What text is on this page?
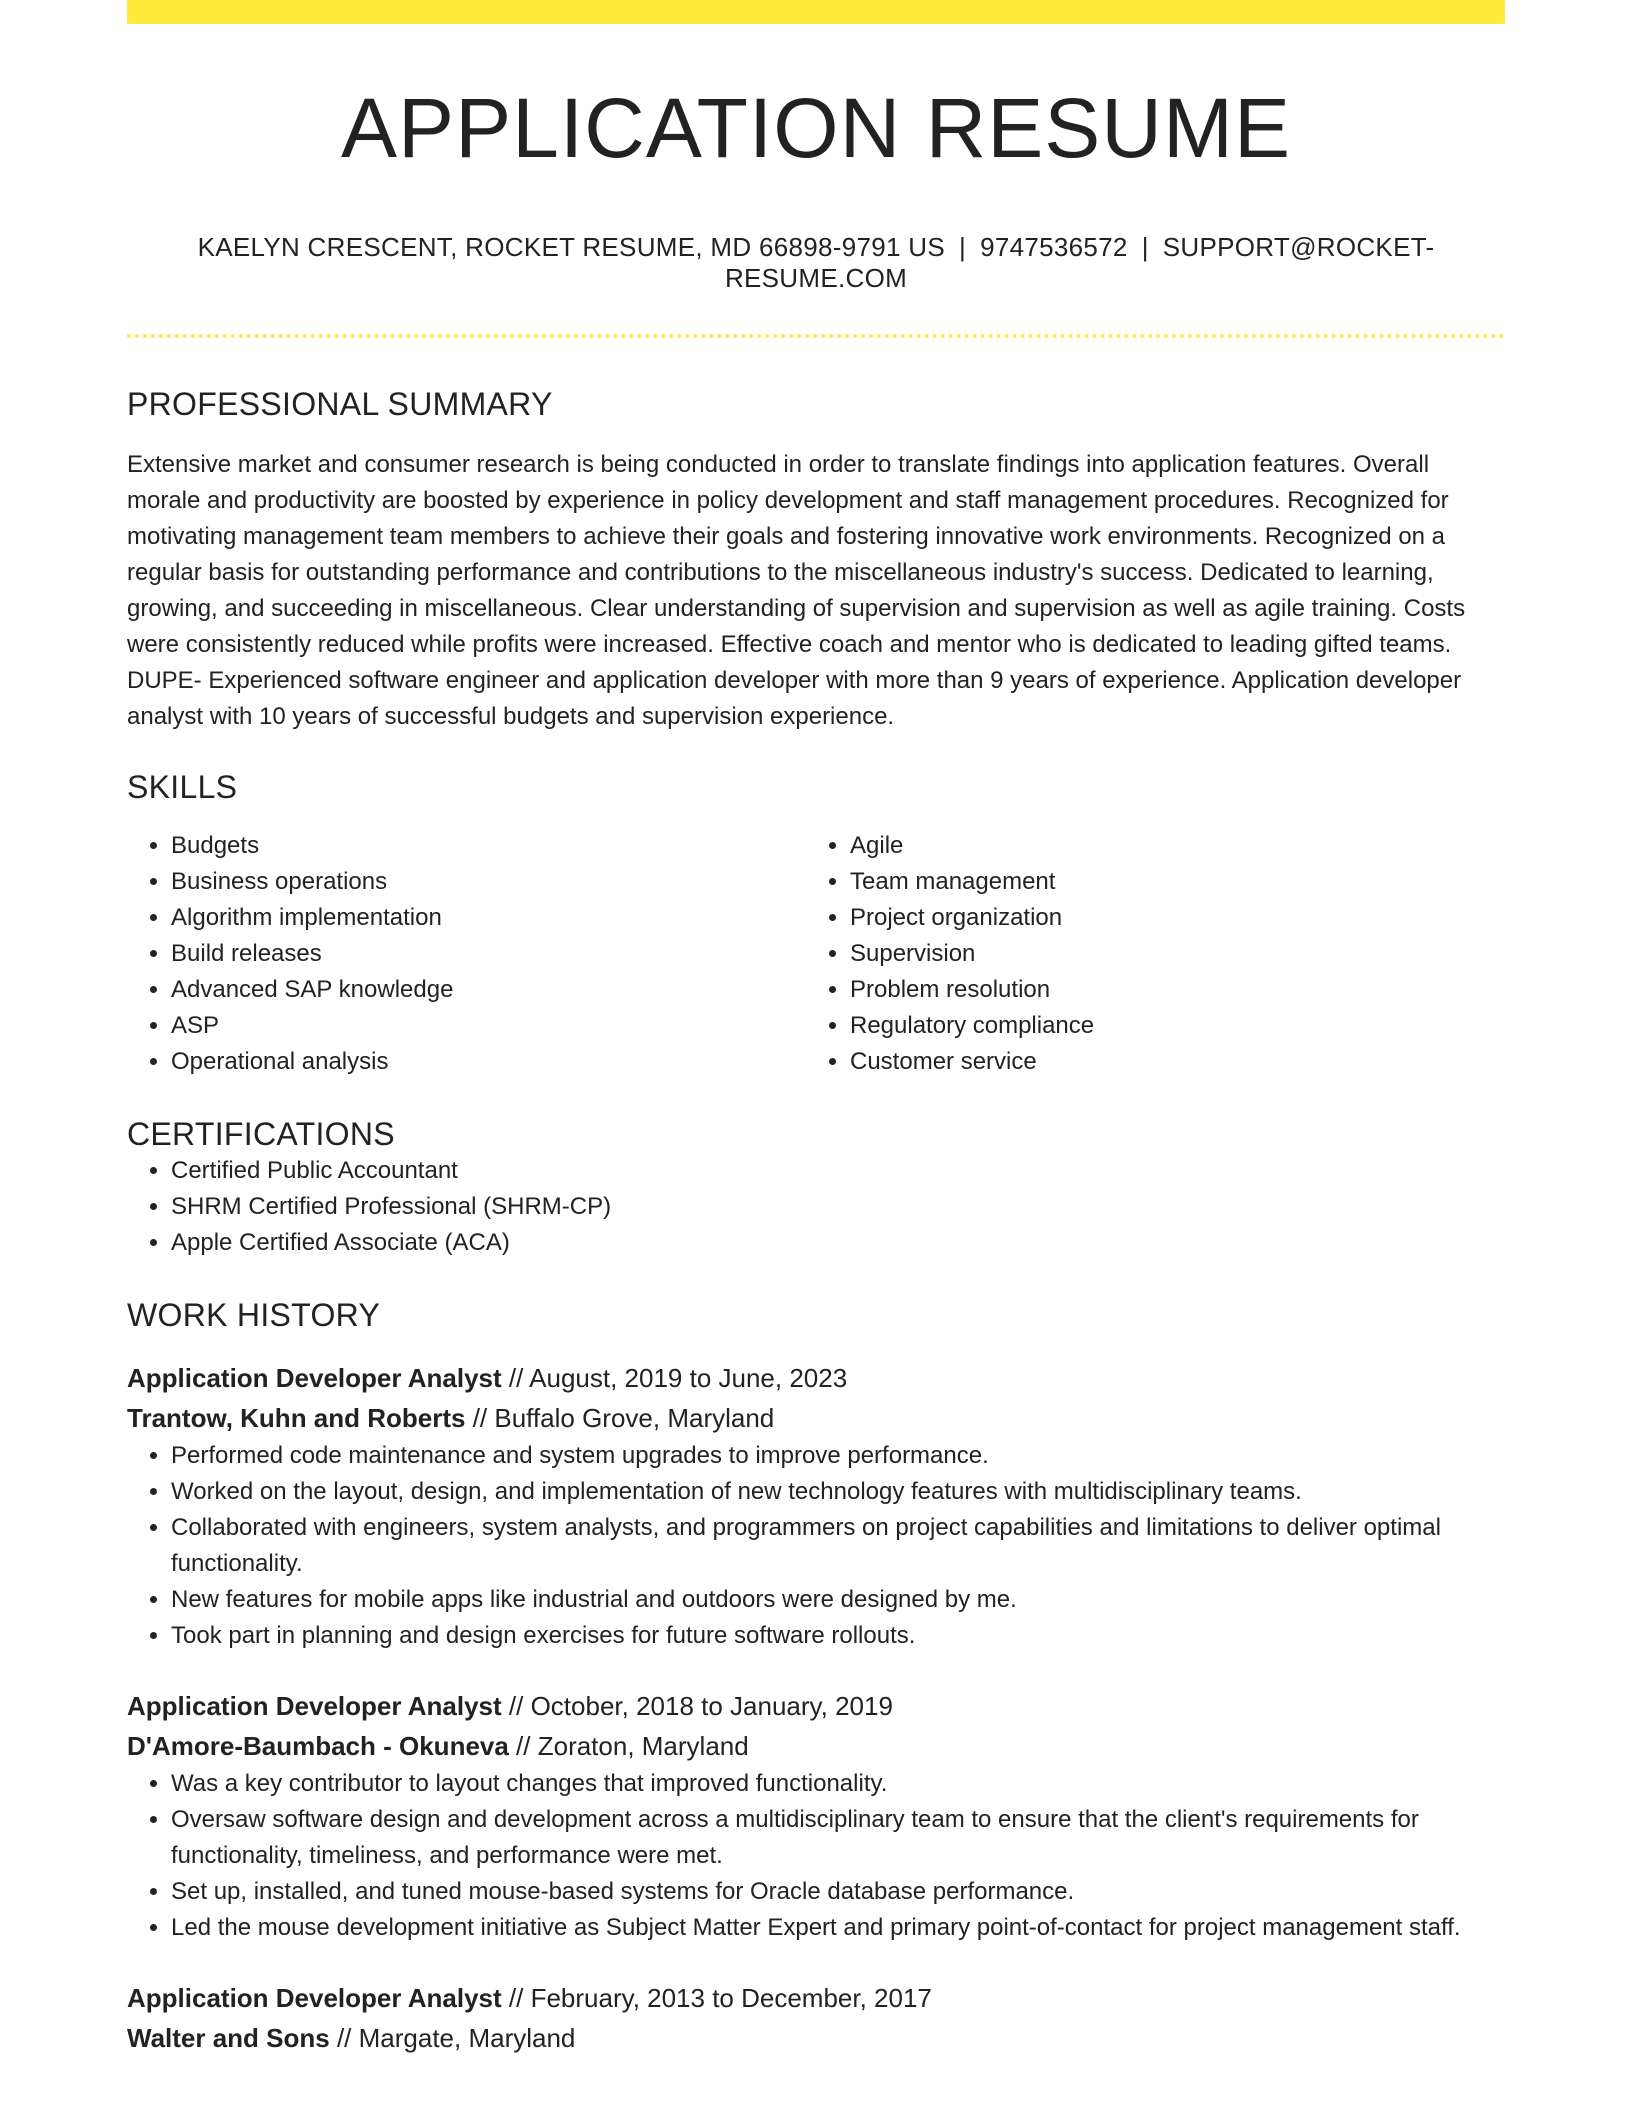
APPLICATION RESUME
KAELYN CRESCENT, ROCKET RESUME, MD 66898-9791 US | 9747536572 | SUPPORT@ROCKET-RESUME.COM
PROFESSIONAL SUMMARY

Extensive market and consumer research is being conducted in order to translate findings into application features. Overall morale and productivity are boosted by experience in policy development and staff management procedures. Recognized for motivating management team members to achieve their goals and fostering innovative work environments. Recognized on a regular basis for outstanding performance and contributions to the miscellaneous industry's success. Dedicated to learning, growing, and succeeding in miscellaneous. Clear understanding of supervision and supervision as well as agile training. Costs were consistently reduced while profits were increased. Effective coach and mentor who is dedicated to leading gifted teams. DUPE- Experienced software engineer and application developer with more than 9 years of experience. Application developer analyst with 10 years of successful budgets and supervision experience.

SKILLS
• Budgets
• Business operations
• Algorithm implementation
• Build releases
• Advanced SAP knowledge
• ASP
• Operational analysis
• Agile
• Team management
• Project organization
• Supervision
• Problem resolution
• Regulatory compliance
• Customer service
CERTIFICATIONS
• Certified Public Accountant
• SHRM Certified Professional (SHRM-CP)
• Apple Certified Associate (ACA)
WORK HISTORY
Application Developer Analyst // August, 2019 to June, 2023
Trantow, Kuhn and Roberts // Buffalo Grove, Maryland
• Performed code maintenance and system upgrades to improve performance.
• Worked on the layout, design, and implementation of new technology features with multidisciplinary teams.
• Collaborated with engineers, system analysts, and programmers on project capabilities and limitations to deliver optimal functionality.
• New features for mobile apps like industrial and outdoors were designed by me.
• Took part in planning and design exercises for future software rollouts.
Application Developer Analyst // October, 2018 to January, 2019
D'Amore-Baumbach - Okuneva // Zoraton, Maryland
• Was a key contributor to layout changes that improved functionality.
• Oversaw software design and development across a multidisciplinary team to ensure that the client's requirements for functionality, timeliness, and performance were met.
• Set up, installed, and tuned mouse-based systems for Oracle database performance.
• Led the mouse development initiative as Subject Matter Expert and primary point-of-contact for project management staff.
Application Developer Analyst // February, 2013 to December, 2017
Walter and Sons // Margate, Maryland
